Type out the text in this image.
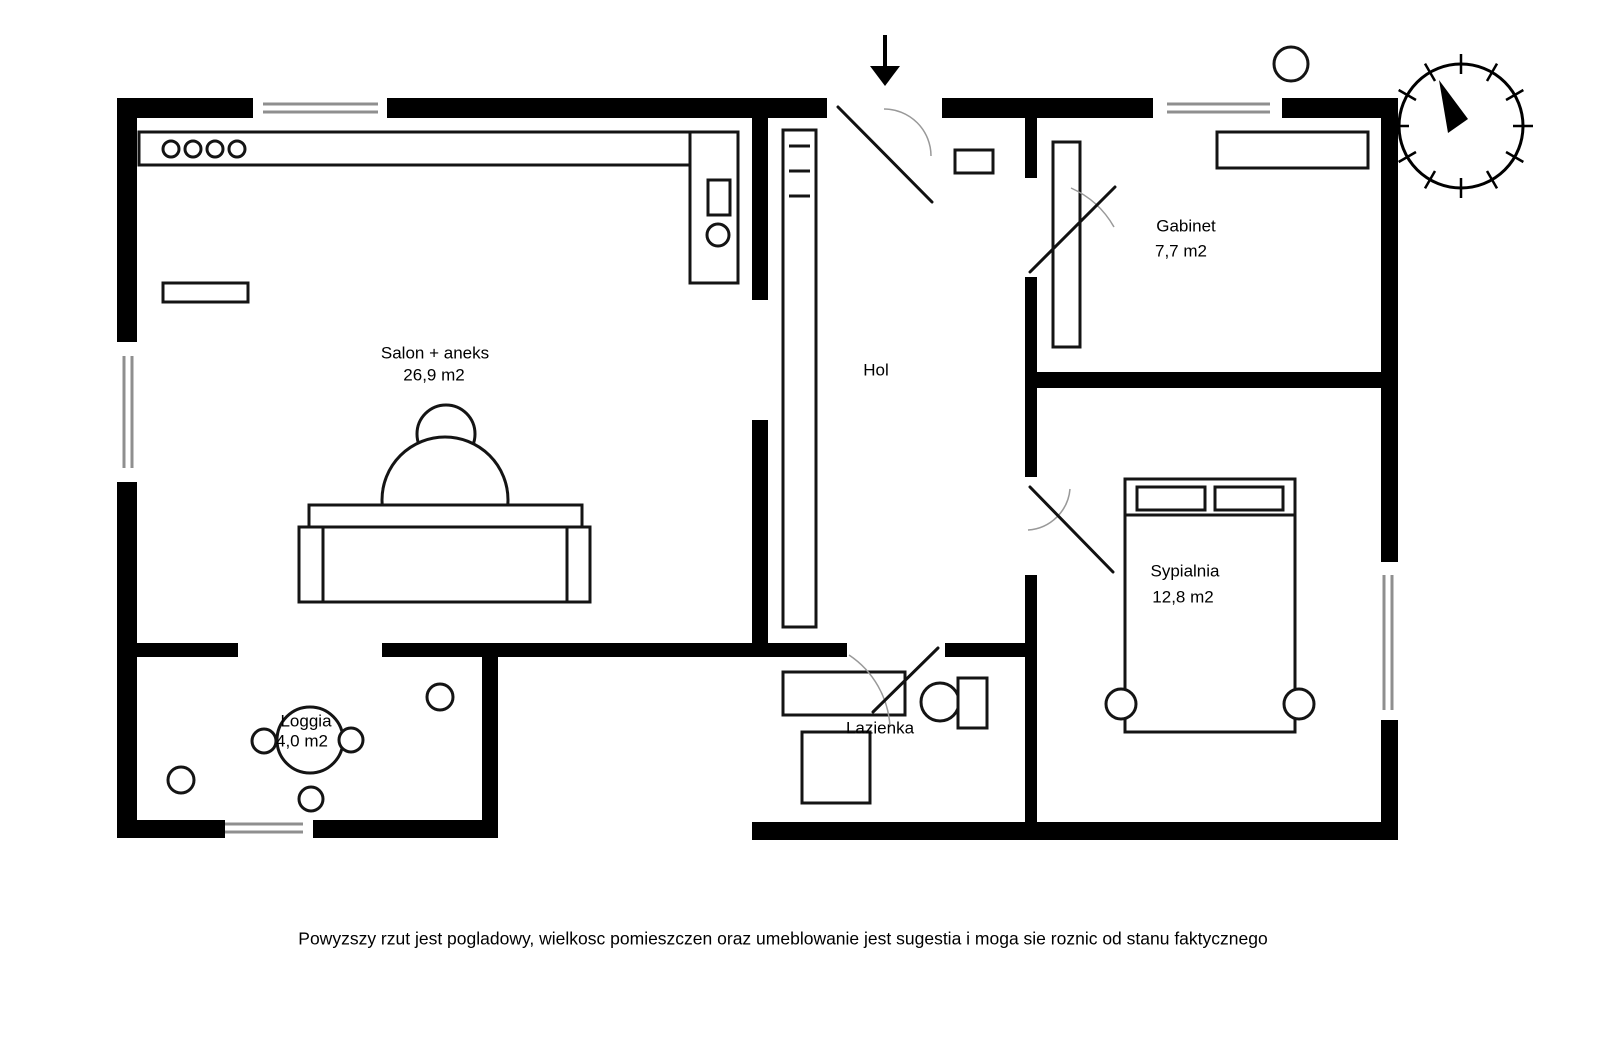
Salon + aneks
26,9 m2	Hol
Gabinet
7,7 m2
Sypialnia
12,8 m2
Lazienka
Loggia
4,0 m2
Powyzszy rzut jest pogladowy, wielkosc pomieszczen oraz umeblowanie jest sugestia i moga sie roznic od stanu faktycznego
